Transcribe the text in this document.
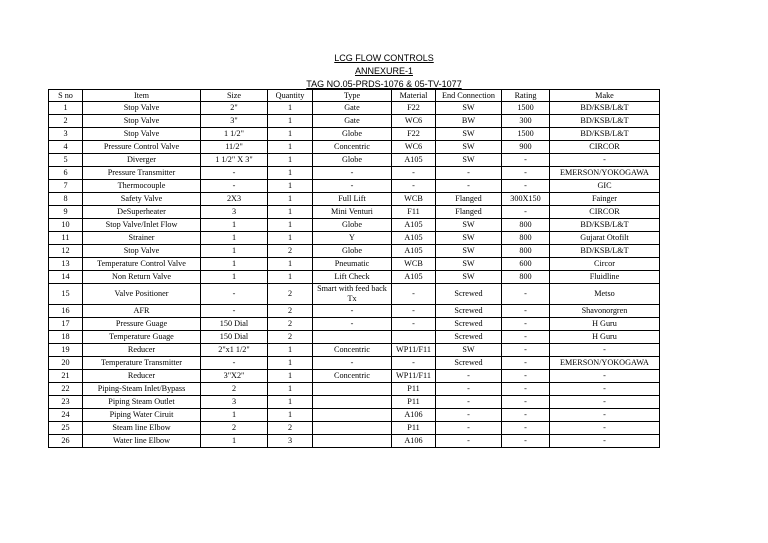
LCG FLOW CONTROLS
ANNEXURE-1
TAG NO.05-PRDS-1076 & 05-TV-1077
S no	Item	Size	Quantity	Type	Material	End Connection	Rating	Make
1	Stop Valve	2"	1	Gate	F22	SW	1500	BD/KSB/L&T
2	Stop Valve	3"	1	Gate	WC6	BW	300	BD/KSB/L&T
3	Stop Valve	1 1/2"	1	Globe	F22	SW	1500	BD/KSB/L&T
4	Pressure Control Valve	11/2"	1	Concentric	WC6	SW	900	CIRCOR
5	Diverger	1 1/2" X 3"	1	Globe	A105	SW	-	-
6	Pressure Transmitter	-	1	-	-	-	-	EMERSON/YOKOGAWA
7	Thermocouple	-	1	-	-	-	-	GIC
8	Safety Valve	2X3	1	Full Lift	WCB	Flanged	300X150	Fainger
9	DeSuperheater	3	1	Mini Venturi	F11	Flanged	-	CIRCOR
10	Stop Valve/Inlet Flow	1	1	Globe	A105	SW	800	BD/KSB/L&T
11	Strainer	1	1	Y	A105	SW	800	Gujarat Otofilt
12	Stop Valve	1	2	Globe	A105	SW	800	BD/KSB/L&T
13	Temperature Control Valve	1	1	Pneumatic	WCB	SW	600	Circor
14	Non Return Valve	1	1	Lift Check	A105	SW	800	Fluidline
15	Valve Positioner	-	2	Smart with feed back Tx	-	Screwed	-	Metso
16	AFR	-	2	-	-	Screwed	-	Shavonorgren
17	Pressure Guage	150 Dial	2	-	-	Screwed	-	H Guru
18	Temperature Guage	150 Dial	2			Screwed	-	H Guru
19	Reducer	2"x1 1/2"	1	Concentric	WP11/F11	SW	-	-
20	Temperature Transmitter	-	1	-	-	Screwed	-	EMERSON/YOKOGAWA
21	Reducer	3"X2"	1	Concentric	WP11/F11	-	-	-
22	Piping-Steam Inlet/Bypass	2	1		P11	-	-	-
23	Piping Steam Outlet	3	1		P11	-	-	-
24	Piping Water Ciruit	1	1		A106	-	-	-
25	Steam line Elbow	2	2		P11	-	-	-
26	Water line Elbow	1	3		A106	-	-	-
